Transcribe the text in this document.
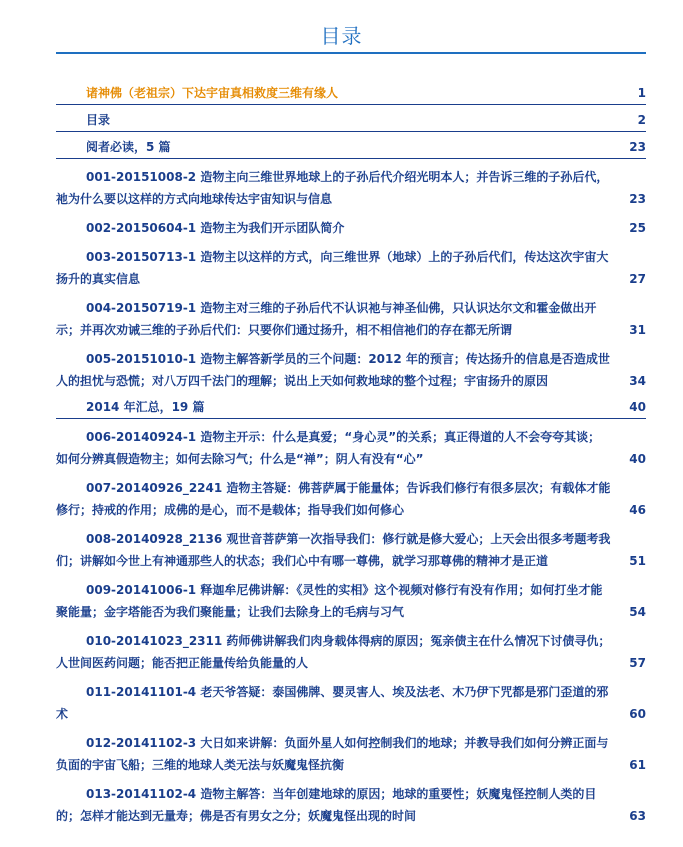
目录
诸神佛（老祖宗）下达宇宙真相救度三维有缘人	1
目录	2
阅者必读，5 篇	23
001-20151008-2 造物主向三维世界地球上的子孙后代介绍光明本人；并告诉三维的子孙后代，祂为什么要以这样的方式向地球传达宇宙知识与信息	23
002-20150604-1 造物主为我们开示团队简介	25
003-20150713-1 造物主以这样的方式，向三维世界（地球）上的子孙后代们，传达这次宇宙大扬升的真实信息	27
004-20150719-1 造物主对三维的子孙后代不认识祂与神圣仙佛，只认识达尔文和霍金做出开示；并再次劝诫三维的子孙后代们：只要你们通过扬升，相不相信祂们的存在都无所谓	31
005-20151010-1 造物主解答新学员的三个问题：2012 年的预言；传达扬升的信息是否造成世人的担忧与恐慌；对八万四千法门的理解；说出上天如何救地球的整个过程；宇宙扬升的原因	34
2014 年汇总，19 篇	40
006-20140924-1 造物主开示：什么是真爱；“身心灵”的关系；真正得道的人不会夸夸其谈；如何分辨真假造物主；如何去除习气；什么是“禅”；阴人有没有“心”	40
007-20140926_2241 造物主答疑：佛菩萨属于能量体；告诉我们修行有很多层次；有载体才能修行；持戒的作用；成佛的是心，而不是载体；指导我们如何修心	46
008-20140928_2136 观世音菩萨第一次指导我们：修行就是修大爱心；上天会出很多考题考我们；讲解如今世上有神通那些人的状态；我们心中有哪一尊佛，就学习那尊佛的精神才是正道	51
009-20141006-1 释迦牟尼佛讲解：《灵性的实相》这个视频对修行有没有作用；如何打坐才能聚能量；金字塔能否为我们聚能量；让我们去除身上的毛病与习气	54
010-20141023_2311 药师佛讲解我们肉身载体得病的原因；冤亲债主在什么情况下讨债寻仇；人世间医药问题；能否把正能量传给负能量的人	57
011-20141101-4 老天爷答疑：泰国佛牌、婴灵害人、埃及法老、木乃伊下咒都是邪门歪道的邪术	60
012-20141102-3 大日如来讲解：负面外星人如何控制我们的地球；并教导我们如何分辨正面与负面的宇宙飞船；三维的地球人类无法与妖魔鬼怪抗衡	61
013-20141102-4 造物主解答：当年创建地球的原因；地球的重要性；妖魔鬼怪控制人类的目的；怎样才能达到无量寿；佛是否有男女之分；妖魔鬼怪出现的时间	63
